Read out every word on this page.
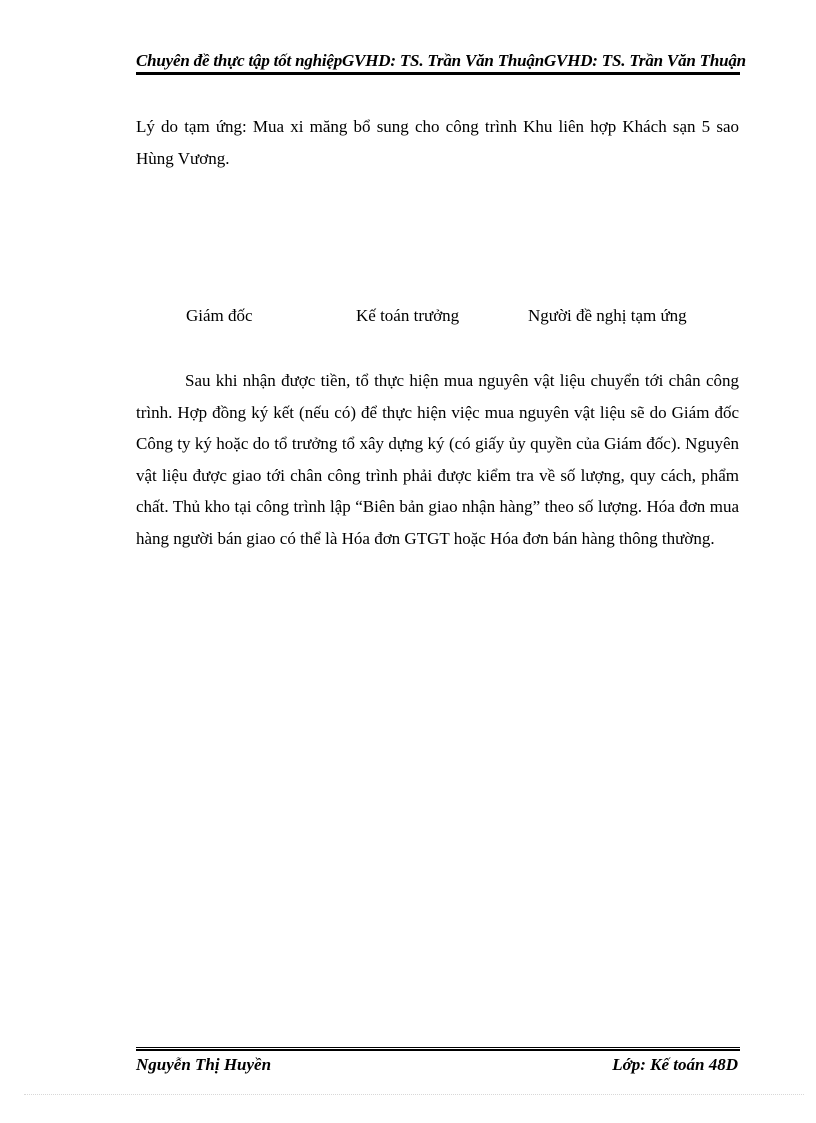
Chuyên đề thực tập tốt nghiệpGVHD: TS. Trần Văn ThuậnGVHD: TS. Trần Văn Thuận

Lý do tạm ứng: Mua xi măng bổ sung cho công trình Khu liên hợp Khách sạn 5 sao Hùng Vương.

Giám đốc	Kế toán trưởng	Người đề nghị tạm ứng

Sau khi nhận được tiền, tổ thực hiện mua nguyên vật liệu chuyển tới chân công trình. Hợp đồng ký kết (nếu có) để thực hiện việc mua nguyên vật liệu sẽ do Giám đốc Công ty ký hoặc do tổ trưởng tổ xây dựng ký (có giấy ủy quyền của Giám đốc). Nguyên vật liệu được giao tới chân công trình phải được kiểm tra về số lượng, quy cách, phẩm chất. Thủ kho tại công trình lập “Biên bản giao nhận hàng” theo số lượng. Hóa đơn mua hàng người bán giao có thể là Hóa đơn GTGT hoặc Hóa đơn bán hàng thông thường.

Nguyễn Thị Huyền	Lớp: Kế toán 48D
